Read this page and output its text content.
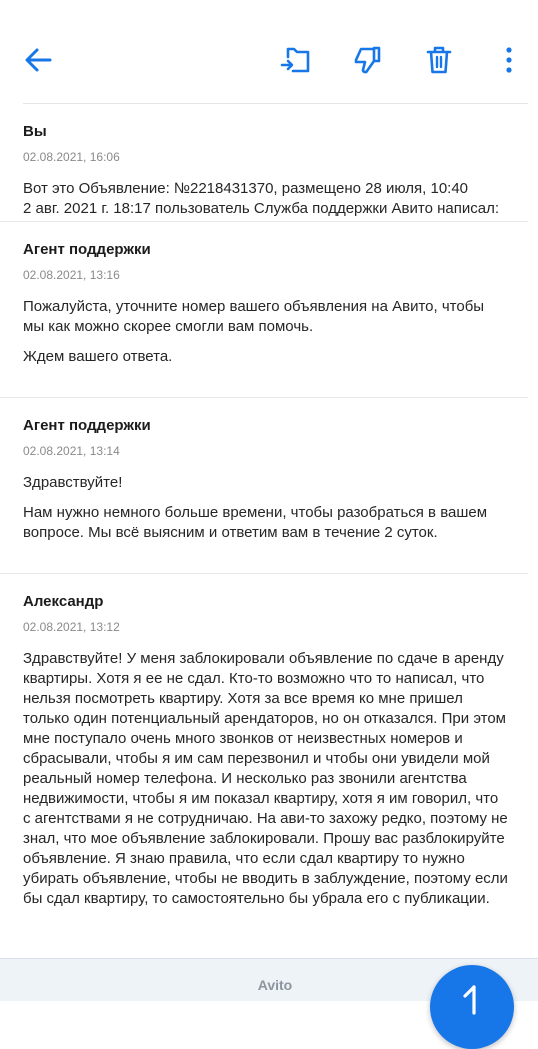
Вы
02.08.2021, 16:06
Вот это Объявление: №2218431370, размещено 28 июля, 10:40
2 авг. 2021 г. 18:17 пользователь Служба поддержки Авито написал:
Агент поддержки
02.08.2021, 13:16
Пожалуйста, уточните номер вашего объявления на Авито, чтобы мы как можно скорее смогли вам помочь.
Ждем вашего ответа.
Агент поддержки
02.08.2021, 13:14
Здравствуйте!
Нам нужно немного больше времени, чтобы разобраться в вашем вопросе. Мы всё выясним и ответим вам в течение 2 суток.
Александр
02.08.2021, 13:12
Здравствуйте! У меня заблокировали объявление по сдаче в аренду квартиры. Хотя я ее не сдал. Кто-то возможно что то написал, что нельзя посмотреть квартиру. Хотя за все время ко мне пришел только один потенциальный арендаторов, но он отказался. При этом мне поступало очень много звонков от неизвестных номеров и сбрасывали, чтобы я им сам перезвонил и чтобы они увидели мой реальный номер телефона. И несколько раз звонили агентства недвижимости, чтобы я им показал квартиру, хотя я им говорил, что с агентствами я не сотрудничаю. На ави-то захожу редко, поэтому не знал, что мое объявление заблокировали. Прошу вас разблокируйте объявление. Я знаю правила, что если сдал квартиру то нужно убирать объявление, чтобы не вводить в заблуждение, поэтому если бы сдал квартиру, то самостоятельно бы убрала его с публикации.
Avito
